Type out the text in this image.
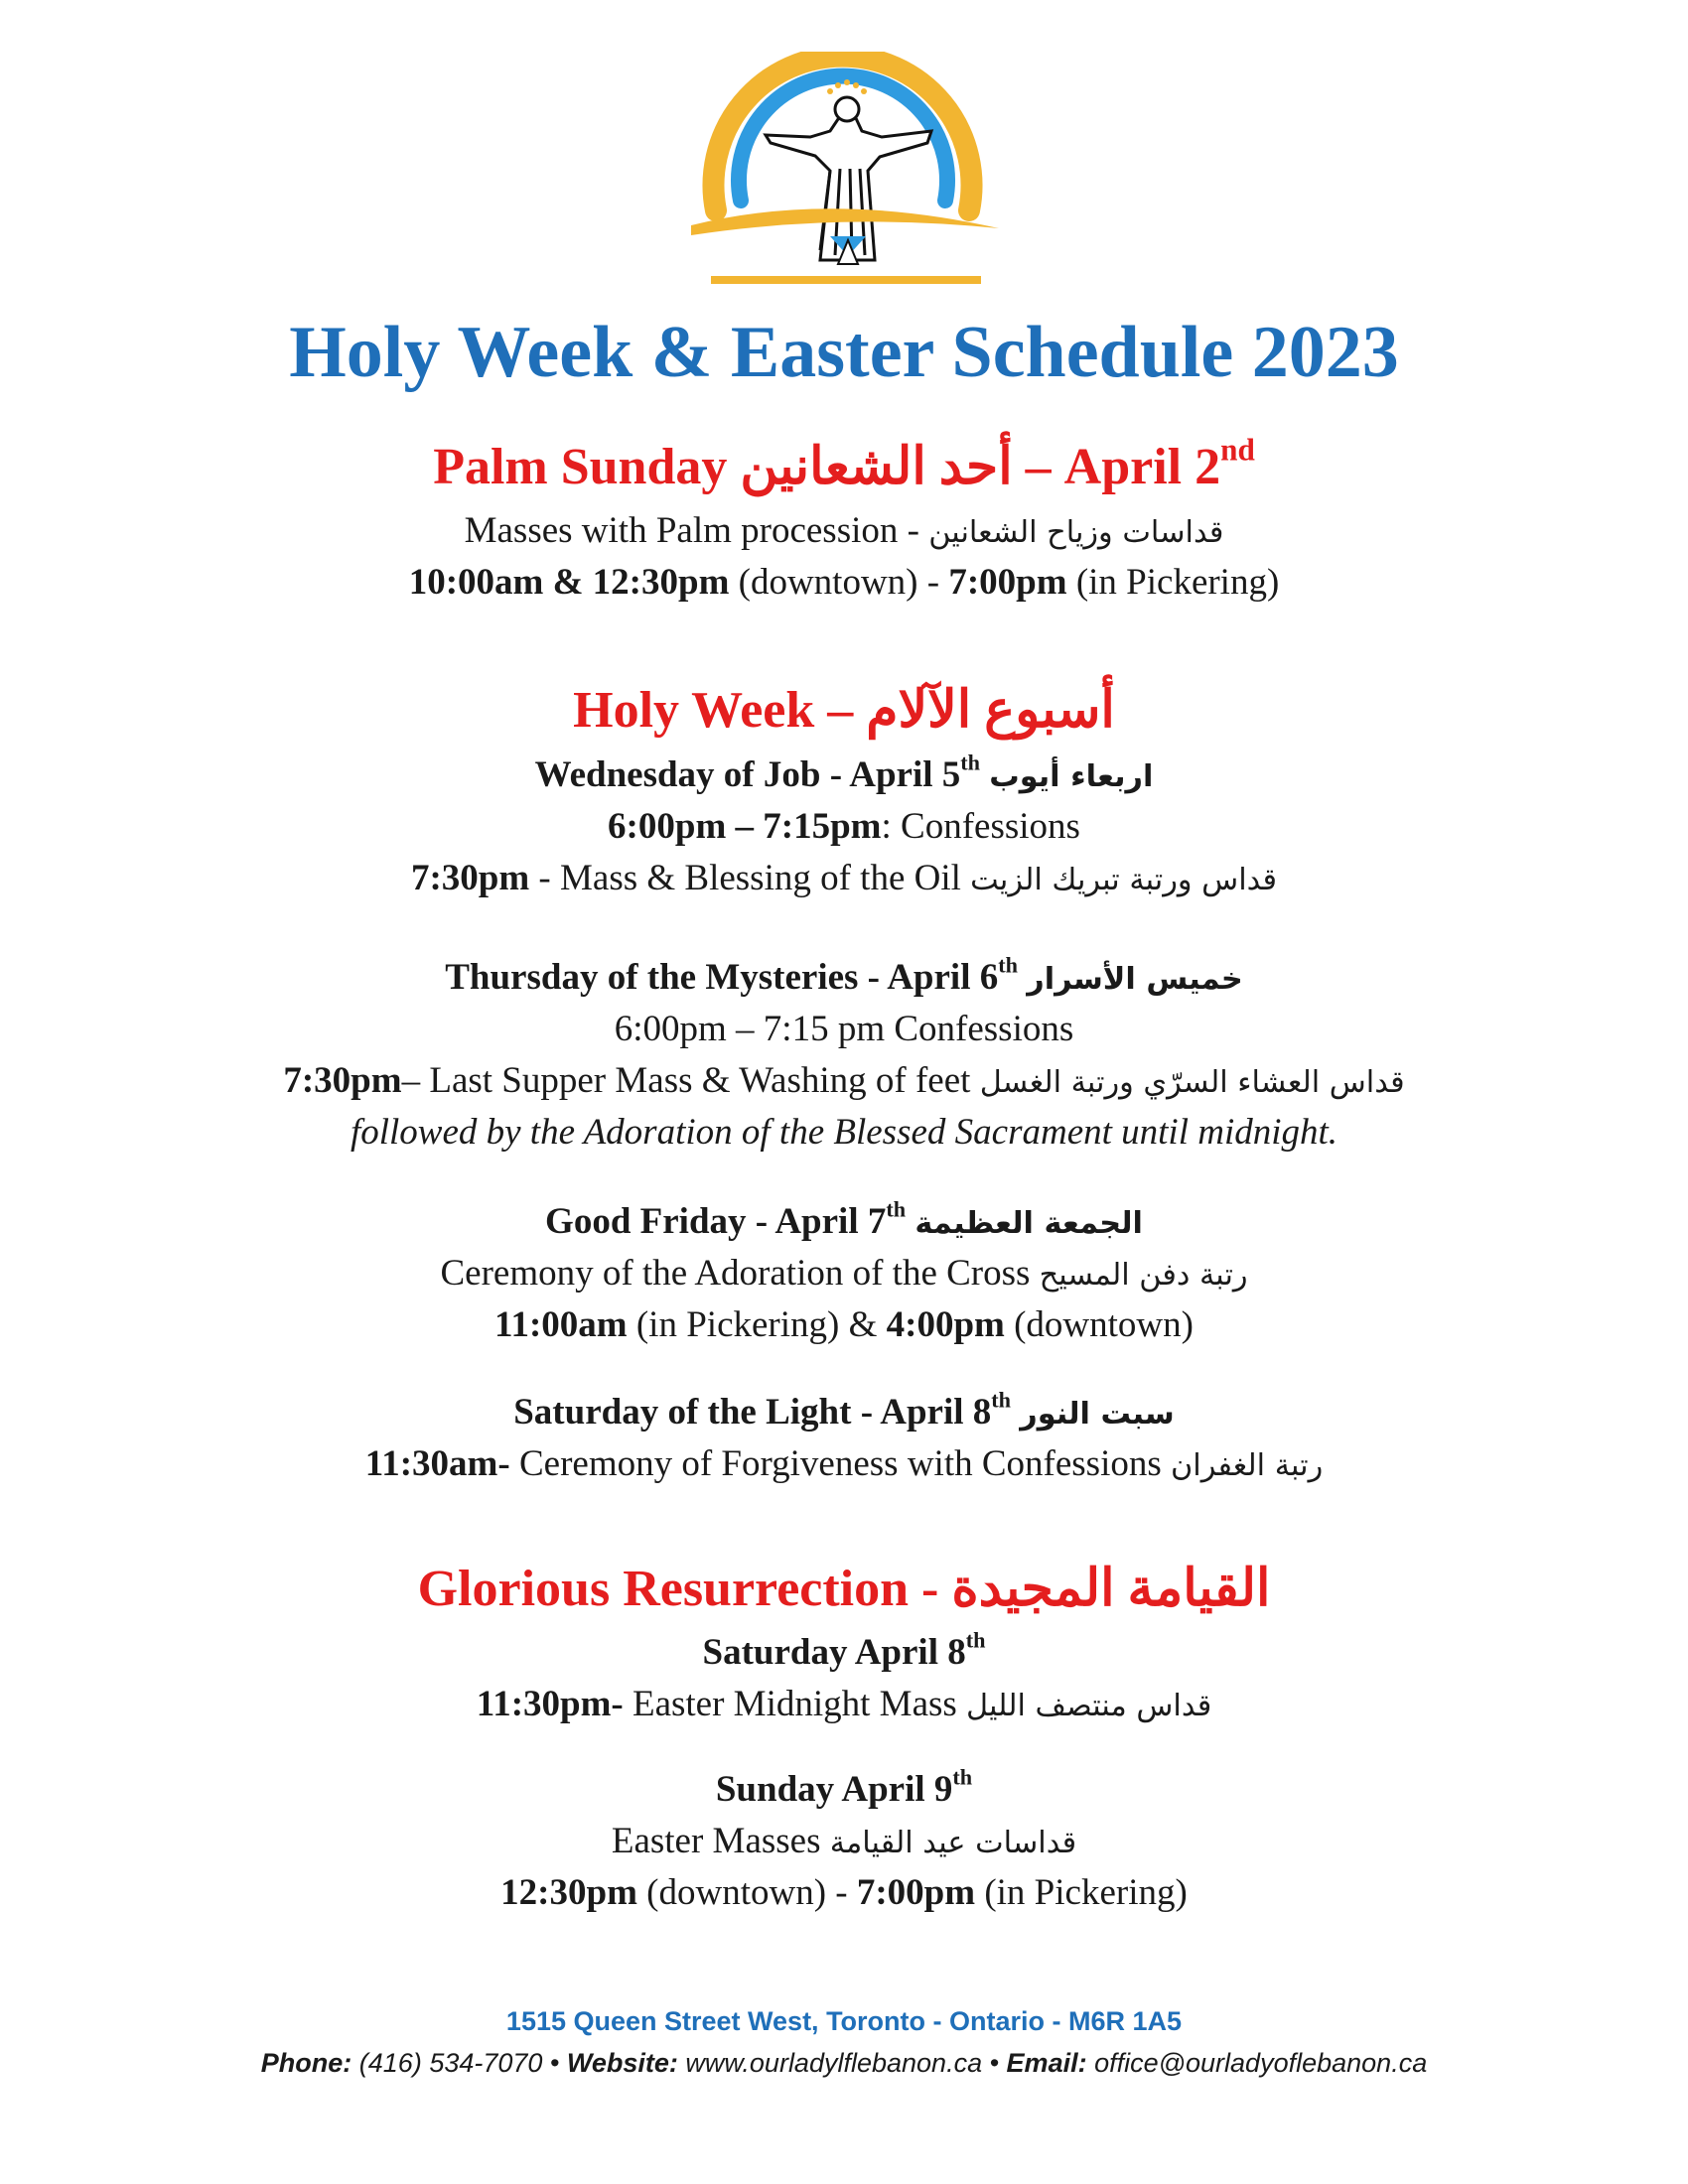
Holy Week & Easter Schedule 2023
Palm Sunday أحد الشعانين – April 2nd
Masses with Palm procession - قداسات وزياح الشعانين
10:00am & 12:30pm (downtown) - 7:00pm (in Pickering)
Holy Week – أسبوع الآلام
Wednesday of Job - April 5th اربعاء أيوب
6:00pm – 7:15pm: Confessions
7:30pm - Mass & Blessing of the Oil قداس ورتبة تبريك الزيت
Thursday of the Mysteries - April 6th خميس الأسرار
6:00pm – 7:15 pm Confessions
7:30pm– Last Supper Mass & Washing of feet قداس العشاء السرّي ورتبة الغسل
followed by the Adoration of the Blessed Sacrament until midnight.
Good Friday - April 7th الجمعة العظيمة
Ceremony of the Adoration of the Cross رتبة دفن المسيح
11:00am (in Pickering) & 4:00pm (downtown)
Saturday of the Light - April 8th سبت النور
11:30am- Ceremony of Forgiveness with Confessions رتبة الغفران
Glorious Resurrection - القيامة المجيدة
Saturday April 8th
11:30pm- Easter Midnight Mass قداس منتصف الليل
Sunday April 9th
Easter Masses قداسات عيد القيامة
12:30pm (downtown) - 7:00pm (in Pickering)
1515 Queen Street West, Toronto - Ontario - M6R 1A5
Phone: (416) 534-7070 • Website: www.ourladylflebanon.ca • Email: office@ourladyoflebanon.ca
